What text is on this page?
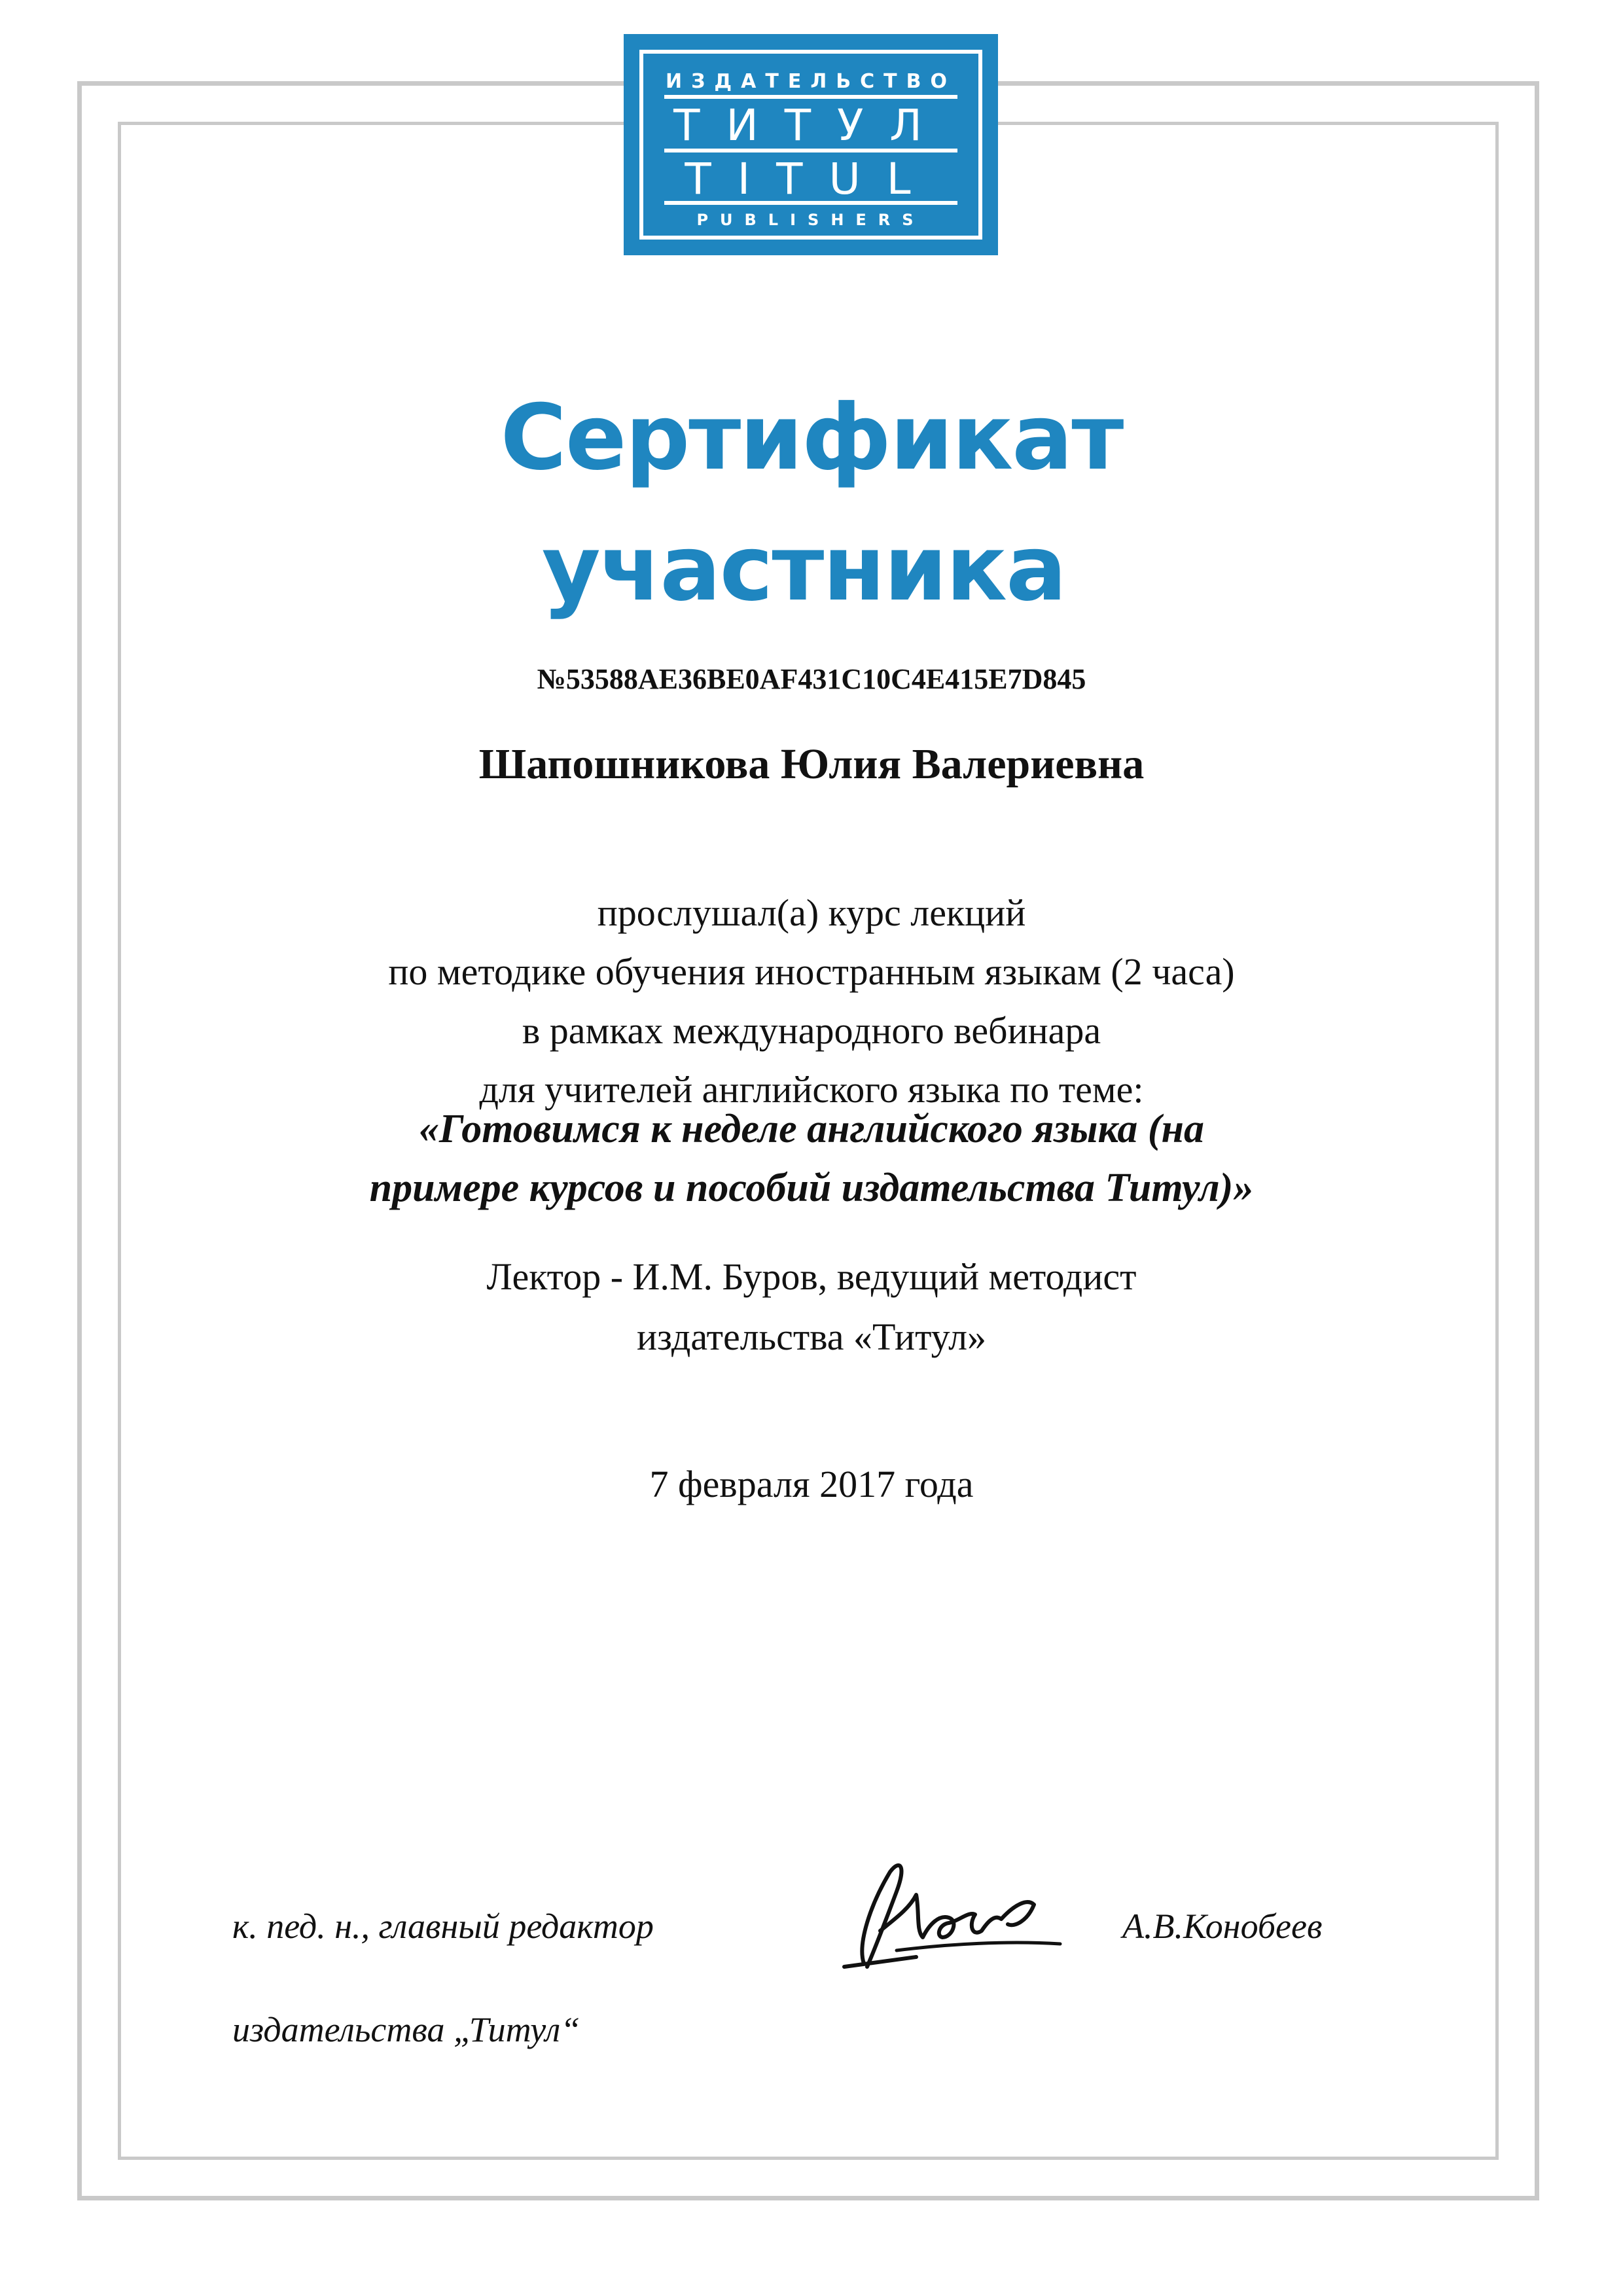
ИЗДАТЕЛЬСТВО
ТИТУЛ
TITUL
PUBLISHERS
Сертификат
участника
№53588AE36BE0AF431C10C4E415E7D845
Шапошникова Юлия Валериевна
прослушал(а) курс лекций
по методике обучения иностранным языкам (2 часа)
в рамках международного вебинара
для учителей английского языка по теме:
«Готовимся к неделе английского языка (на
примере курсов и пособий издательства Титул)»
Лектор - И.М. Буров, ведущий методист
издательства «Титул»
7 февраля 2017 года
к. пед. н., главный редактор
издательства „Титул“
А.В.Конобеев
